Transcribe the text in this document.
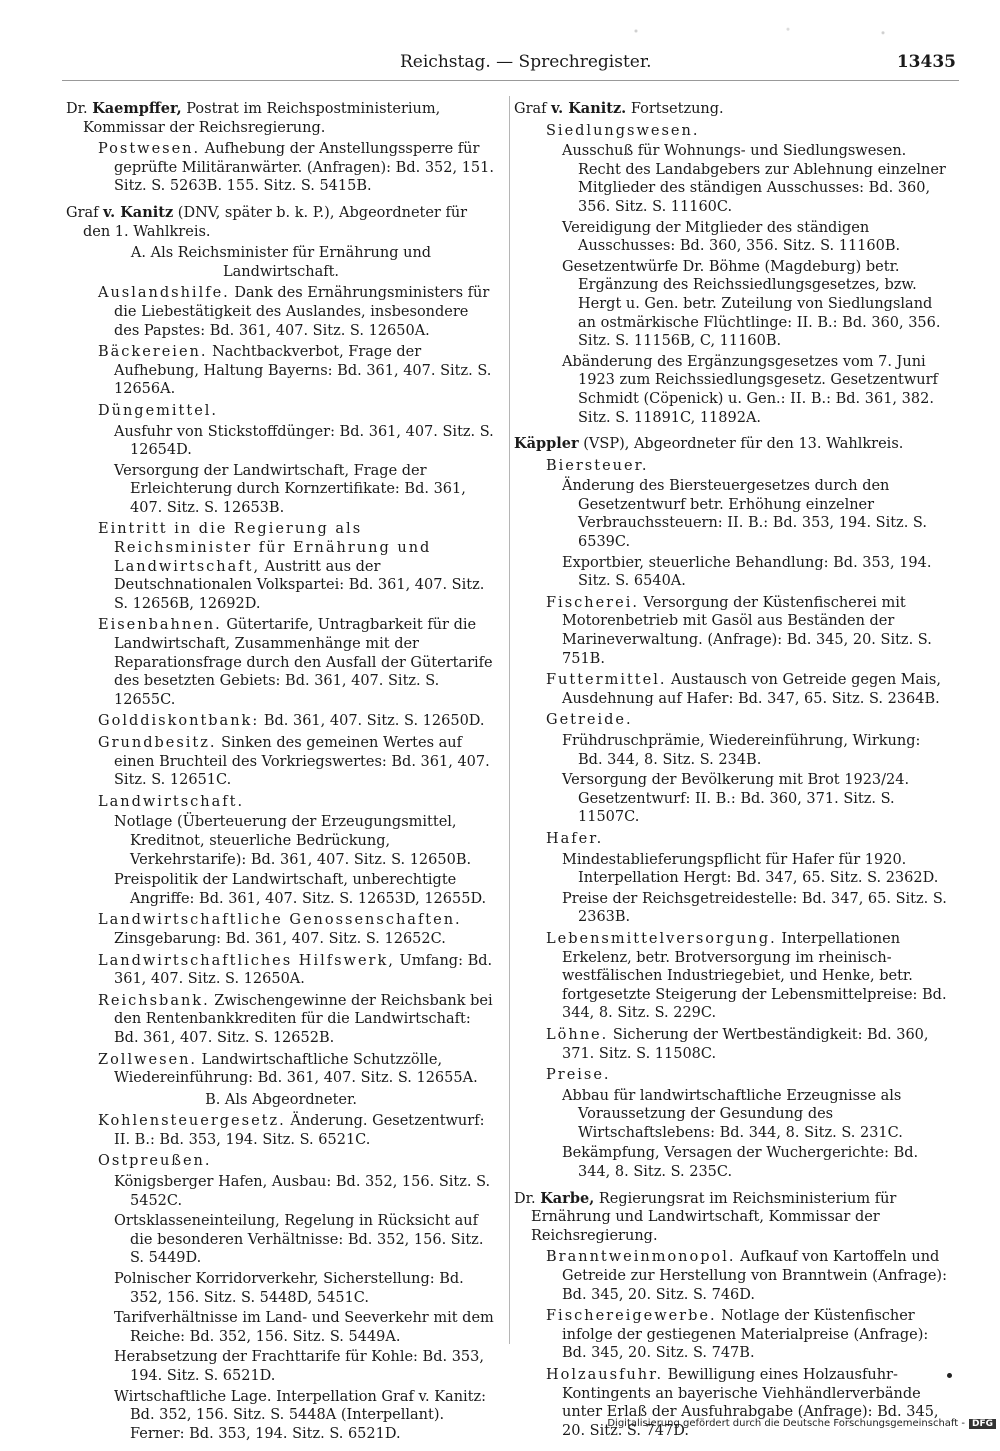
Reichstag. — Sprechregister.	13435
Dr. Kaempffer, Postrat im Reichspostministerium, Kommissar der Reichsregierung.
Postwesen. Aufhebung der Anstellungssperre für geprüfte Militäranwärter. (Anfragen): Bd. 352, 151. Sitz. S. 5263B. 155. Sitz. S. 5415B.
Graf v. Kanitz (DNV, später b. k. P.), Abgeordneter für den 1. Wahlkreis.
A. Als Reichsminister für Ernährung und Landwirtschaft.
Auslandshilfe. Dank des Ernährungsministers für die Liebestätigkeit des Auslandes, insbesondere des Papstes: Bd. 361, 407. Sitz. S. 12650A.
Bäckereien. Nachtbackverbot, Frage der Aufhebung, Haltung Bayerns: Bd. 361, 407. Sitz. S. 12656A.
Düngemittel.
Ausfuhr von Stickstoffdünger: Bd. 361, 407. Sitz. S. 12654D.
Versorgung der Landwirtschaft, Frage der Erleichterung durch Kornzertifikate: Bd. 361, 407. Sitz. S. 12653B.
Eintritt in die Regierung als Reichsminister für Ernährung und Landwirtschaft, Austritt aus der Deutschnationalen Volkspartei: Bd. 361, 407. Sitz. S. 12656B, 12692D.
Eisenbahnen. Gütertarife, Untragbarkeit für die Landwirtschaft, Zusammenhänge mit der Reparationsfrage durch den Ausfall der Gütertarife des besetzten Gebiets: Bd. 361, 407. Sitz. S. 12655C.
Golddiskontbank: Bd. 361, 407. Sitz. S. 12650D.
Grundbesitz. Sinken des gemeinen Wertes auf einen Bruchteil des Vorkriegswertes: Bd. 361, 407. Sitz. S. 12651C.
Landwirtschaft.
Notlage (Überteuerung der Erzeugungsmittel, Kreditnot, steuerliche Bedrückung, Verkehrstarife): Bd. 361, 407. Sitz. S. 12650B.
Preispolitik der Landwirtschaft, unberechtigte Angriffe: Bd. 361, 407. Sitz. S. 12653D, 12655D.
Landwirtschaftliche Genossenschaften. Zinsgebarung: Bd. 361, 407. Sitz. S. 12652C.
Landwirtschaftliches Hilfswerk, Umfang: Bd. 361, 407. Sitz. S. 12650A.
Reichsbank. Zwischengewinne der Reichsbank bei den Rentenbankkrediten für die Landwirtschaft: Bd. 361, 407. Sitz. S. 12652B.
Zollwesen. Landwirtschaftliche Schutzzölle, Wiedereinführung: Bd. 361, 407. Sitz. S. 12655A.
B. Als Abgeordneter.
Kohlensteuergesetz. Änderung. Gesetzentwurf: II. B.: Bd. 353, 194. Sitz. S. 6521C.
Ostpreußen.
Königsberger Hafen, Ausbau: Bd. 352, 156. Sitz. S. 5452C.
Ortsklasseneinteilung, Regelung in Rücksicht auf die besonderen Verhältnisse: Bd. 352, 156. Sitz. S. 5449D.
Polnischer Korridorverkehr, Sicherstellung: Bd. 352, 156. Sitz. S. 5448D, 5451C.
Tarifverhältnisse im Land- und Seeverkehr mit dem Reiche: Bd. 352, 156. Sitz. S. 5449A.
Herabsetzung der Frachttarife für Kohle: Bd. 353, 194. Sitz. S. 6521D.
Wirtschaftliche Lage. Interpellation Graf v. Kanitz: Bd. 352, 156. Sitz. S. 5448A (Interpellant). Ferner: Bd. 353, 194. Sitz. S. 6521D.
Graf v. Kanitz. Fortsetzung.
Siedlungswesen.
Ausschuß für Wohnungs- und Siedlungswesen. Recht des Landabgebers zur Ablehnung einzelner Mitglieder des ständigen Ausschusses: Bd. 360, 356. Sitz. S. 11160C.
Vereidigung der Mitglieder des ständigen Ausschusses: Bd. 360, 356. Sitz. S. 11160B.
Gesetzentwürfe Dr. Böhme (Magdeburg) betr. Ergänzung des Reichssiedlungsgesetzes, bzw. Hergt u. Gen. betr. Zuteilung von Siedlungsland an ostmärkische Flüchtlinge: II. B.: Bd. 360, 356. Sitz. S. 11156B, C, 11160B.
Abänderung des Ergänzungsgesetzes vom 7. Juni 1923 zum Reichssiedlungsgesetz. Gesetzentwurf Schmidt (Cöpenick) u. Gen.: II. B.: Bd. 361, 382. Sitz. S. 11891C, 11892A.
Käppler (VSP), Abgeordneter für den 13. Wahlkreis.
Biersteuer.
Änderung des Biersteuergesetzes durch den Gesetzentwurf betr. Erhöhung einzelner Verbrauchssteuern: II. B.: Bd. 353, 194. Sitz. S. 6539C.
Exportbier, steuerliche Behandlung: Bd. 353, 194. Sitz. S. 6540A.
Fischerei. Versorgung der Küstenfischerei mit Motorenbetrieb mit Gasöl aus Beständen der Marineverwaltung. (Anfrage): Bd. 345, 20. Sitz. S. 751B.
Futtermittel. Austausch von Getreide gegen Mais, Ausdehnung auf Hafer: Bd. 347, 65. Sitz. S. 2364B.
Getreide.
Frühdruschprämie, Wiedereinführung, Wirkung: Bd. 344, 8. Sitz. S. 234B.
Versorgung der Bevölkerung mit Brot 1923/24. Gesetzentwurf: II. B.: Bd. 360, 371. Sitz. S. 11507C.
Hafer.
Mindestablieferungspflicht für Hafer für 1920. Interpellation Hergt: Bd. 347, 65. Sitz. S. 2362D.
Preise der Reichsgetreidestelle: Bd. 347, 65. Sitz. S. 2363B.
Lebensmittelversorgung. Interpellationen Erkelenz, betr. Brotversorgung im rheinisch-westfälischen Industriegebiet, und Henke, betr. fortgesetzte Steigerung der Lebensmittelpreise: Bd. 344, 8. Sitz. S. 229C.
Löhne. Sicherung der Wertbeständigkeit: Bd. 360, 371. Sitz. S. 11508C.
Preise.
Abbau für landwirtschaftliche Erzeugnisse als Voraussetzung der Gesundung des Wirtschaftslebens: Bd. 344, 8. Sitz. S. 231C.
Bekämpfung, Versagen der Wuchergerichte: Bd. 344, 8. Sitz. S. 235C.
Dr. Karbe, Regierungsrat im Reichsministerium für Ernährung und Landwirtschaft, Kommissar der Reichsregierung.
Branntweinmonopol. Aufkauf von Kartoffeln und Getreide zur Herstellung von Branntwein (Anfrage): Bd. 345, 20. Sitz. S. 746D.
Fischereigewerbe. Notlage der Küstenfischer infolge der gestiegenen Materialpreise (Anfrage): Bd. 345, 20. Sitz. S. 747B.
Holzausfuhr. Bewilligung eines Holzausfuhr-Kontingents an bayerische Viehhändlerverbände unter Erlaß der Ausfuhrabgabe (Anfrage): Bd. 345, 20. Sitz. S. 747D.
Digitalisierung gefördert durch die Deutsche Forschungsgemeinschaft - DFG
